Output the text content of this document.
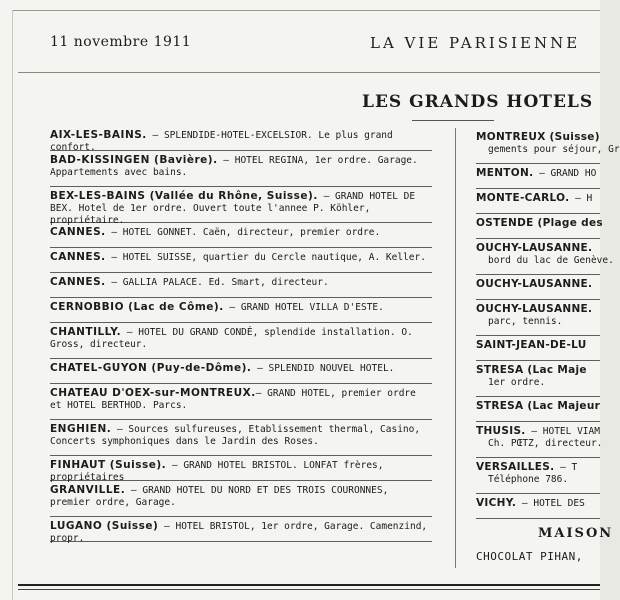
11 novembre 1911	LA VIE PARISIENNE
LES GRANDS HOTELS
AIX-LES-BAINS. — SPLENDIDE-HOTEL-EXCELSIOR. Le plus grand confort.
BAD-KISSINGEN (Bavière). — HOTEL REGINA, 1er ordre. Garage. Appartements avec bains.
BEX-LES-BAINS (Vallée du Rhône, Suisse). — GRAND HOTEL DE BEX. Hotel de 1er ordre. Ouvert toute l'annee P. Köhler, propriétaire.
CANNES. — HOTEL GONNET. Caën, directeur, premier ordre.
CANNES. — HOTEL SUISSE, quartier du Cercle nautique, A. Keller.
CANNES. — GALLIA PALACE. Ed. Smart, directeur.
CERNOBBIO (Lac de Côme). — GRAND HOTEL VILLA D'ESTE.
CHANTILLY. — HOTEL DU GRAND CONDÉ, splendide installation. O. Gross, directeur.
CHATEL-GUYON (Puy-de-Dôme). — SPLENDID NOUVEL HOTEL.
CHATEAU D'OEX-sur-MONTREUX.— GRAND HOTEL, premier ordre et HOTEL BERTHOD. Parcs.
ENGHIEN. — Sources sulfureuses, Etablissement thermal, Casino, Concerts symphoniques dans le Jardin des Roses.
FINHAUT (Suisse). — GRAND HOTEL BRISTOL. LONFAT frères, propriétaires
GRANVILLE. — GRAND HOTEL DU NORD ET DES TROIS COURONNES, premier ordre, Garage.
LUGANO (Suisse) — HOTEL BRISTOL, 1er ordre, Garage. Camenzind, propr.
MONTREUX (Suisse)
gements pour séjour, Gr
MENTON. — GRAND HO
MONTE-CARLO. — H
OSTENDE (Plage des
OUCHY-LAUSANNE.
bord du lac de Genève.
OUCHY-LAUSANNE.
OUCHY-LAUSANNE.
parc, tennis.
SAINT-JEAN-DE-LU
STRESA (Lac Maje
1er ordre.
STRESA (Lac Majeur
THUSIS. — HOTEL VIAM
Ch. PŒTZ, directeur.
VERSAILLES. — T
Téléphone 786.
VICHY. — HOTEL DES
MAISON
CHOCOLAT PIHAN,
